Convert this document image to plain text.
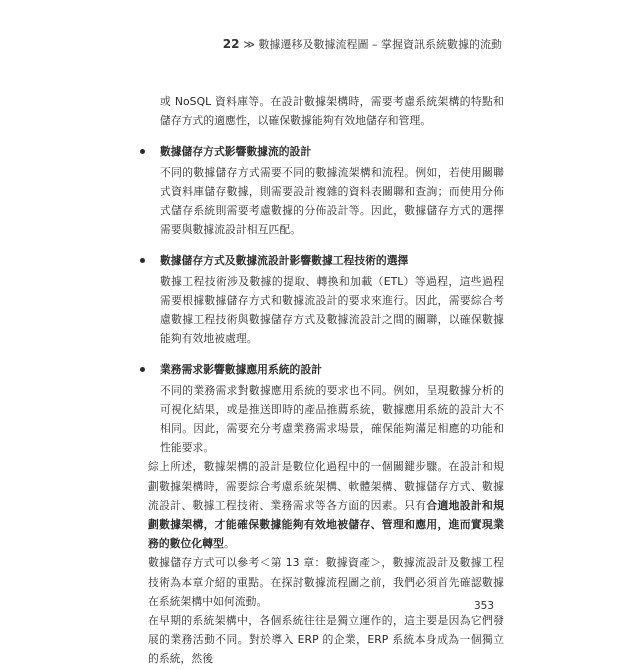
22 ≫ 數據遷移及數據流程圖 – 掌握資訊系統數據的流動

或 NoSQL 資料庫等。在設計數據架構時，需要考慮系統架構的特點和儲存方式的適應性，以確保數據能夠有效地儲存和管理。

數據儲存方式影響數據流的設計

不同的數據儲存方式需要不同的數據流架構和流程。例如，若使用關聯式資料庫儲存數據，則需要設計複雜的資料表關聯和查詢；而使用分佈式儲存系統則需要考慮數據的分佈設計等。因此，數據儲存方式的選擇需要與數據流設計相互匹配。

數據儲存方式及數據流設計影響數據工程技術的選擇

數據工程技術涉及數據的提取、轉換和加載（ETL）等過程，這些過程需要根據數據儲存方式和數據流設計的要求來進行。因此，需要綜合考慮數據工程技術與數據儲存方式及數據流設計之間的關聯，以確保數據能夠有效地被處理。

業務需求影響數據應用系統的設計

不同的業務需求對數據應用系統的要求也不同。例如，呈現數據分析的可視化結果，或是推送即時的產品推薦系統，數據應用系統的設計大不相同。因此，需要充分考慮業務需求場景，確保能夠滿足相應的功能和性能要求。

綜上所述，數據架構的設計是數位化過程中的一個關鍵步驟。在設計和規劃數據架構時，需要綜合考慮系統架構、軟體架構、數據儲存方式、數據流設計、數據工程技術、業務需求等各方面的因素。只有合適地設計和規劃數據架構，才能確保數據能夠有效地被儲存、管理和應用，進而實現業務的數位化轉型。

數據儲存方式可以參考＜第 13 章：數據資產＞，數據流設計及數據工程技術為本章介紹的重點。在探討數據流程圖之前，我們必須首先確認數據在系統架構中如何流動。

在早期的系統架構中，各個系統往往是獨立運作的，這主要是因為它們發展的業務活動不同。對於導入 ERP 的企業，ERP 系統本身成為一個獨立的系統，然後

353
